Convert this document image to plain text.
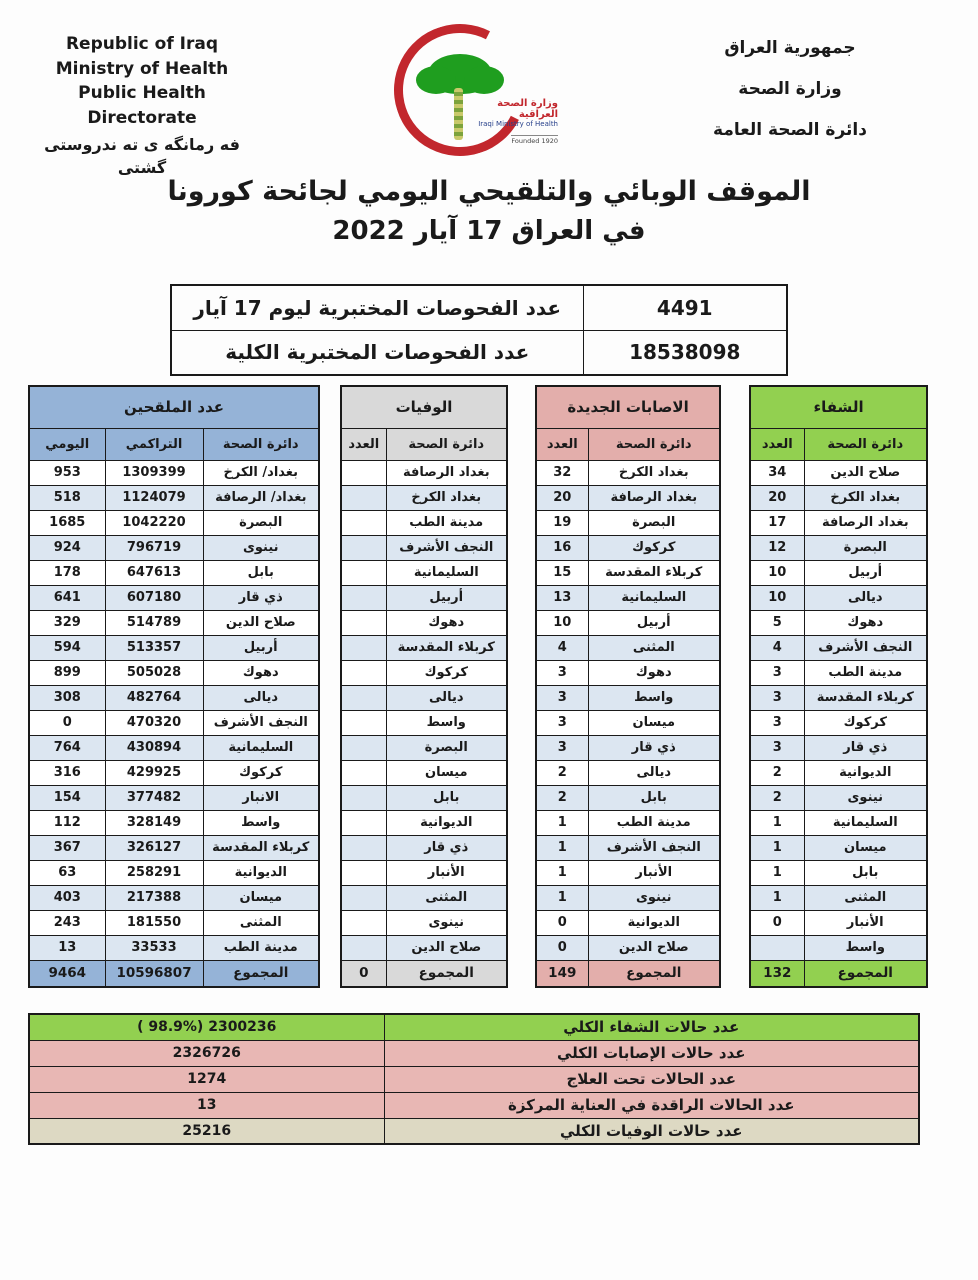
Republic of Iraq
Ministry of Health
Public Health Directorate
فه رمانگه ی ته ندروستی گشتی
وزارة الصحة العراقية
Iraqi Ministry of Health
Founded 1920
جمهورية العراق
وزارة الصحة
دائرة الصحة العامة
الموقف الوبائي والتلقيحي اليومي لجائحة كورونا
في العراق 17 آيار 2022
عدد الفحوصات المختبرية ليوم 17 آيار	4491
عدد الفحوصات المختبرية الكلية	18538098
عدد الملقحين		
دائرة الصحة	التراكمي	اليومي
بغداد/ الكرخ	1309399	953
بغداد/ الرصافة	1124079	518
البصرة	1042220	1685
نينوى	796719	924
بابل	647613	178
ذي قار	607180	641
صلاح الدين	514789	329
أربيل	513357	594
دهوك	505028	899
ديالى	482764	308
النجف الأشرف	470320	0
السليمانية	430894	764
كركوك	429925	316
الانبار	377482	154
واسط	328149	112
كربلاء المقدسة	326127	367
الديوانية	258291	63
ميسان	217388	403
المثنى	181550	243
مدينة الطب	33533	13
المجموع	10596807	9464
الوفيات	
دائرة الصحة	العدد
بغداد الرصافة	
بغداد الكرخ	
مدينة الطب	
النجف الأشرف	
السليمانية	
أربيل	
دهوك	
كربلاء المقدسة	
كركوك	
ديالى	
واسط	
البصرة	
ميسان	
بابل	
الديوانية	
ذي قار	
الأنبار	
المثنى	
نينوى	
صلاح الدين	
المجموع	0
الاصابات الجديدة	
دائرة الصحة	العدد
بغداد الكرخ	32
بغداد الرصافة	20
البصرة	19
كركوك	16
كربلاء المقدسة	15
السليمانية	13
أربيل	10
المثنى	4
دهوك	3
واسط	3
ميسان	3
ذي قار	3
ديالى	2
بابل	2
مدينة الطب	1
النجف الأشرف	1
الأنبار	1
نينوى	1
الديوانية	0
صلاح الدين	0
المجموع	149
الشفاء	
دائرة الصحة	العدد
صلاح الدين	34
بغداد الكرخ	20
بغداد الرصافة	17
البصرة	12
أربيل	10
ديالى	10
دهوك	5
النجف الأشرف	4
مدينة الطب	3
كربلاء المقدسة	3
كركوك	3
ذي قار	3
الديوانية	2
نينوى	2
السليمانية	1
ميسان	1
بابل	1
المثنى	1
الأنبار	0
واسط	
المجموع	132
عدد حالات الشفاء الكلي	( 98.9%) 2300236
عدد حالات الإصابات الكلي	2326726
عدد الحالات تحت العلاج	1274
عدد الحالات الراقدة في العناية المركزة	13
عدد حالات الوفيات الكلي	25216
